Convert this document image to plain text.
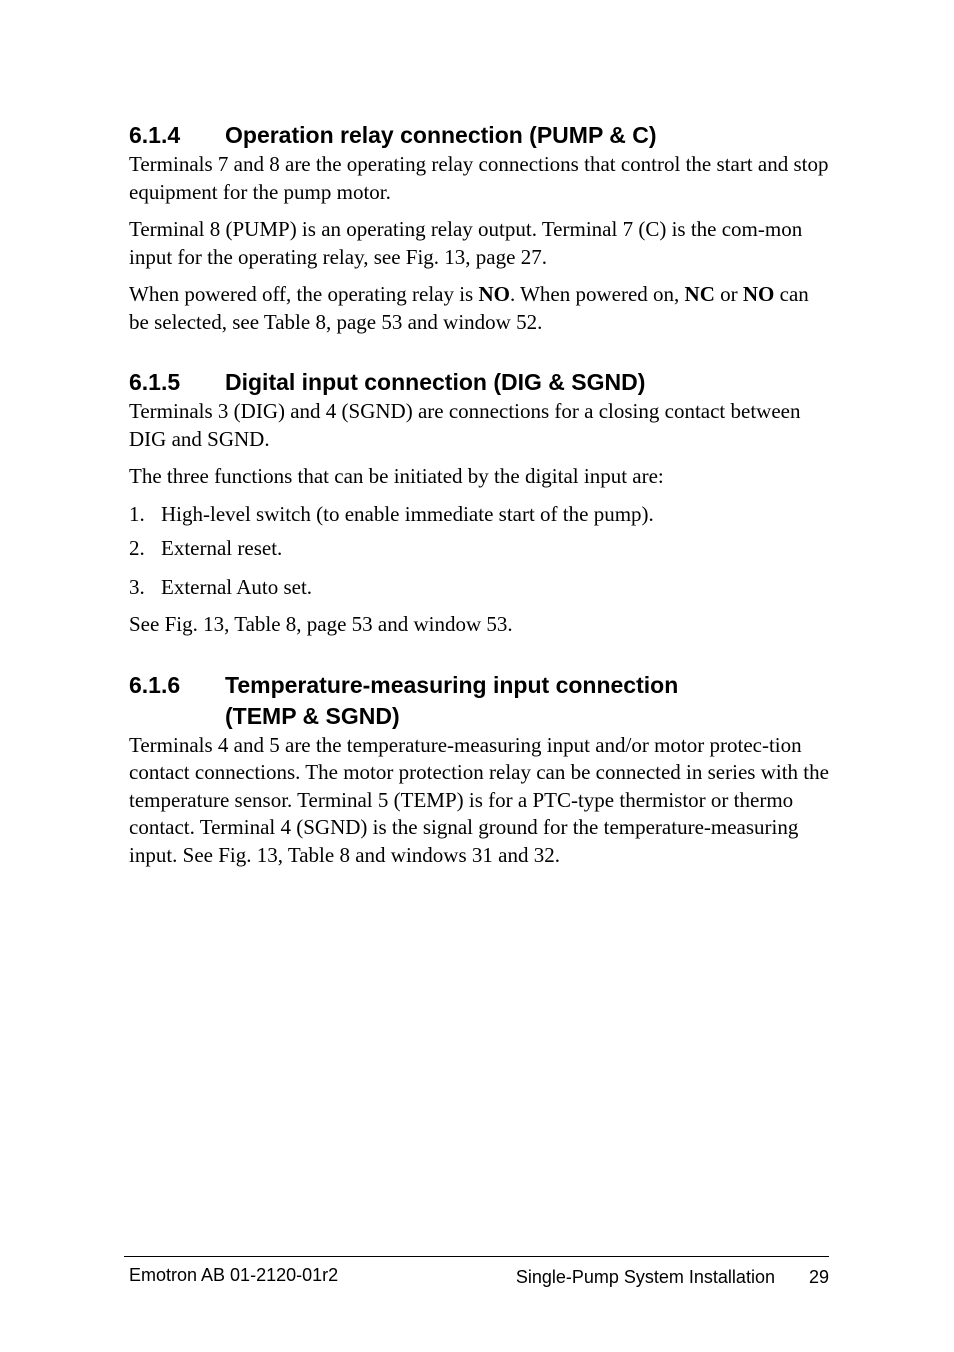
6.1.4	Operation relay connection (PUMP & C)

Terminals 7 and 8 are the operating relay connections that control the start and stop equipment for the pump motor.

Terminal 8 (PUMP) is an operating relay output. Terminal 7 (C) is the com-mon input for the operating relay, see Fig. 13, page 27.

When powered off, the operating relay is NO. When powered on, NC or NO can be selected, see Table 8, page 53 and window 52.

6.1.5	Digital input connection (DIG & SGND)

Terminals 3 (DIG) and 4 (SGND) are connections for a closing contact between DIG and SGND.

The three functions that can be initiated by the digital input are:

1. High-level switch (to enable immediate start of the pump).
2. External reset.
3. External Auto set.

See Fig. 13, Table 8, page 53 and window 53.

6.1.6	Temperature-measuring input connection (TEMP & SGND)

Terminals 4 and 5 are the temperature-measuring input and/or motor protec-tion contact connections. The motor protection relay can be connected in series with the temperature sensor. Terminal 5 (TEMP) is for a PTC-type thermistor or thermo contact. Terminal 4 (SGND) is the signal ground for the temperature-measuring input. See Fig. 13, Table 8 and windows 31 and 32.

Emotron AB 01-2120-01r2	Single-Pump System Installation 29
